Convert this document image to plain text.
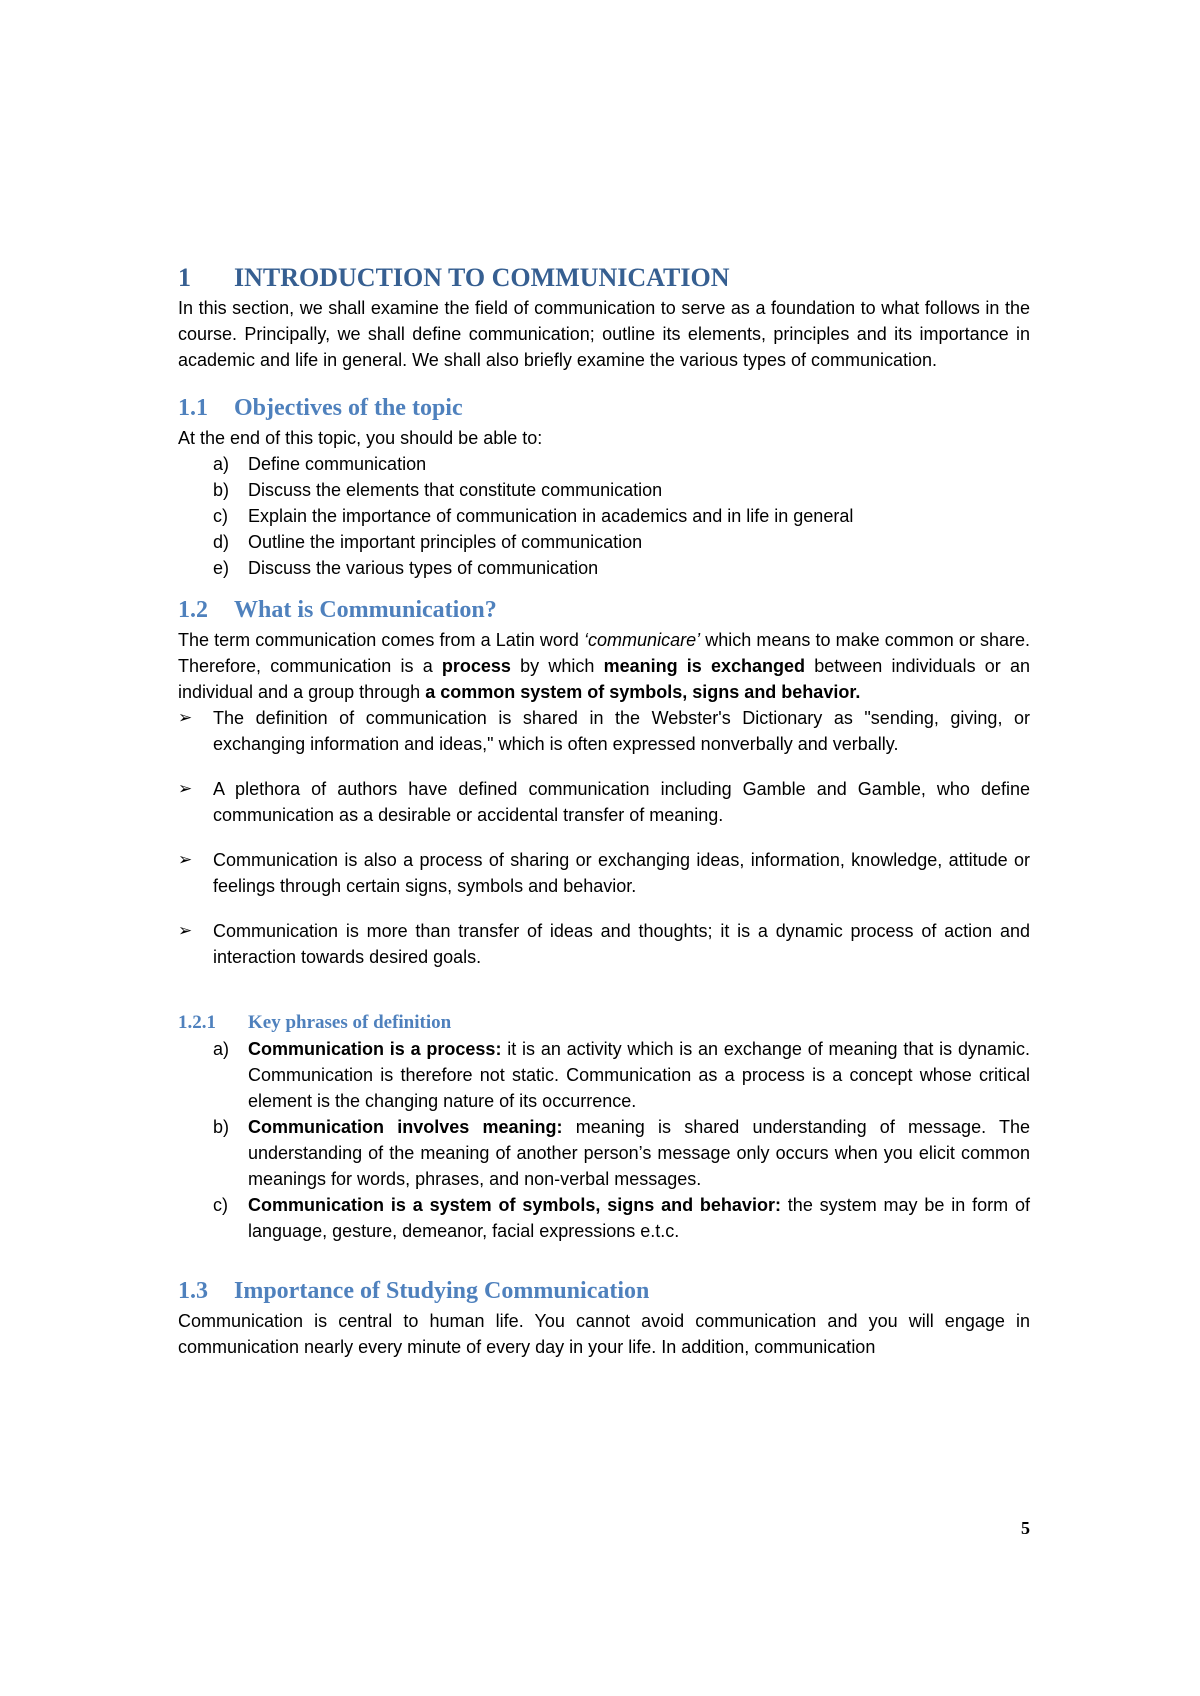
1 INTRODUCTION TO COMMUNICATION

In this section, we shall examine the field of communication to serve as a foundation to what follows in the course. Principally, we shall define communication; outline its elements, principles and its importance in academic and life in general. We shall also briefly examine the various types of communication.

1.1 Objectives of the topic

At the end of this topic, you should be able to:

a) Define communication
b) Discuss the elements that constitute communication
c) Explain the importance of communication in academics and in life in general
d) Outline the important principles of communication
e) Discuss the various types of communication
1.2 What is Communication?

The term communication comes from a Latin word ‘communicare’ which means to make common or share. Therefore, communication is a process by which meaning is exchanged between individuals or an individual and a group through a common system of symbols, signs and behavior.

➢ The definition of communication is shared in the Webster's Dictionary as "sending, giving, or exchanging information and ideas," which is often expressed nonverbally and verbally.
➢ A plethora of authors have defined communication including Gamble and Gamble, who define communication as a desirable or accidental transfer of meaning.
➢ Communication is also a process of sharing or exchanging ideas, information, knowledge, attitude or feelings through certain signs, symbols and behavior.
➢ Communication is more than transfer of ideas and thoughts; it is a dynamic process of action and interaction towards desired goals.
1.2.1 Key phrases of definition
a) Communication is a process: it is an activity which is an exchange of meaning that is dynamic. Communication is therefore not static. Communication as a process is a concept whose critical element is the changing nature of its occurrence.
b) Communication involves meaning: meaning is shared understanding of message. The understanding of the meaning of another person’s message only occurs when you elicit common meanings for words, phrases, and non-verbal messages.
c) Communication is a system of symbols, signs and behavior: the system may be in form of language, gesture, demeanor, facial expressions e.t.c.
1.3 Importance of Studying Communication

Communication is central to human life. You cannot avoid communication and you will engage in communication nearly every minute of every day in your life. In addition, communication

5
